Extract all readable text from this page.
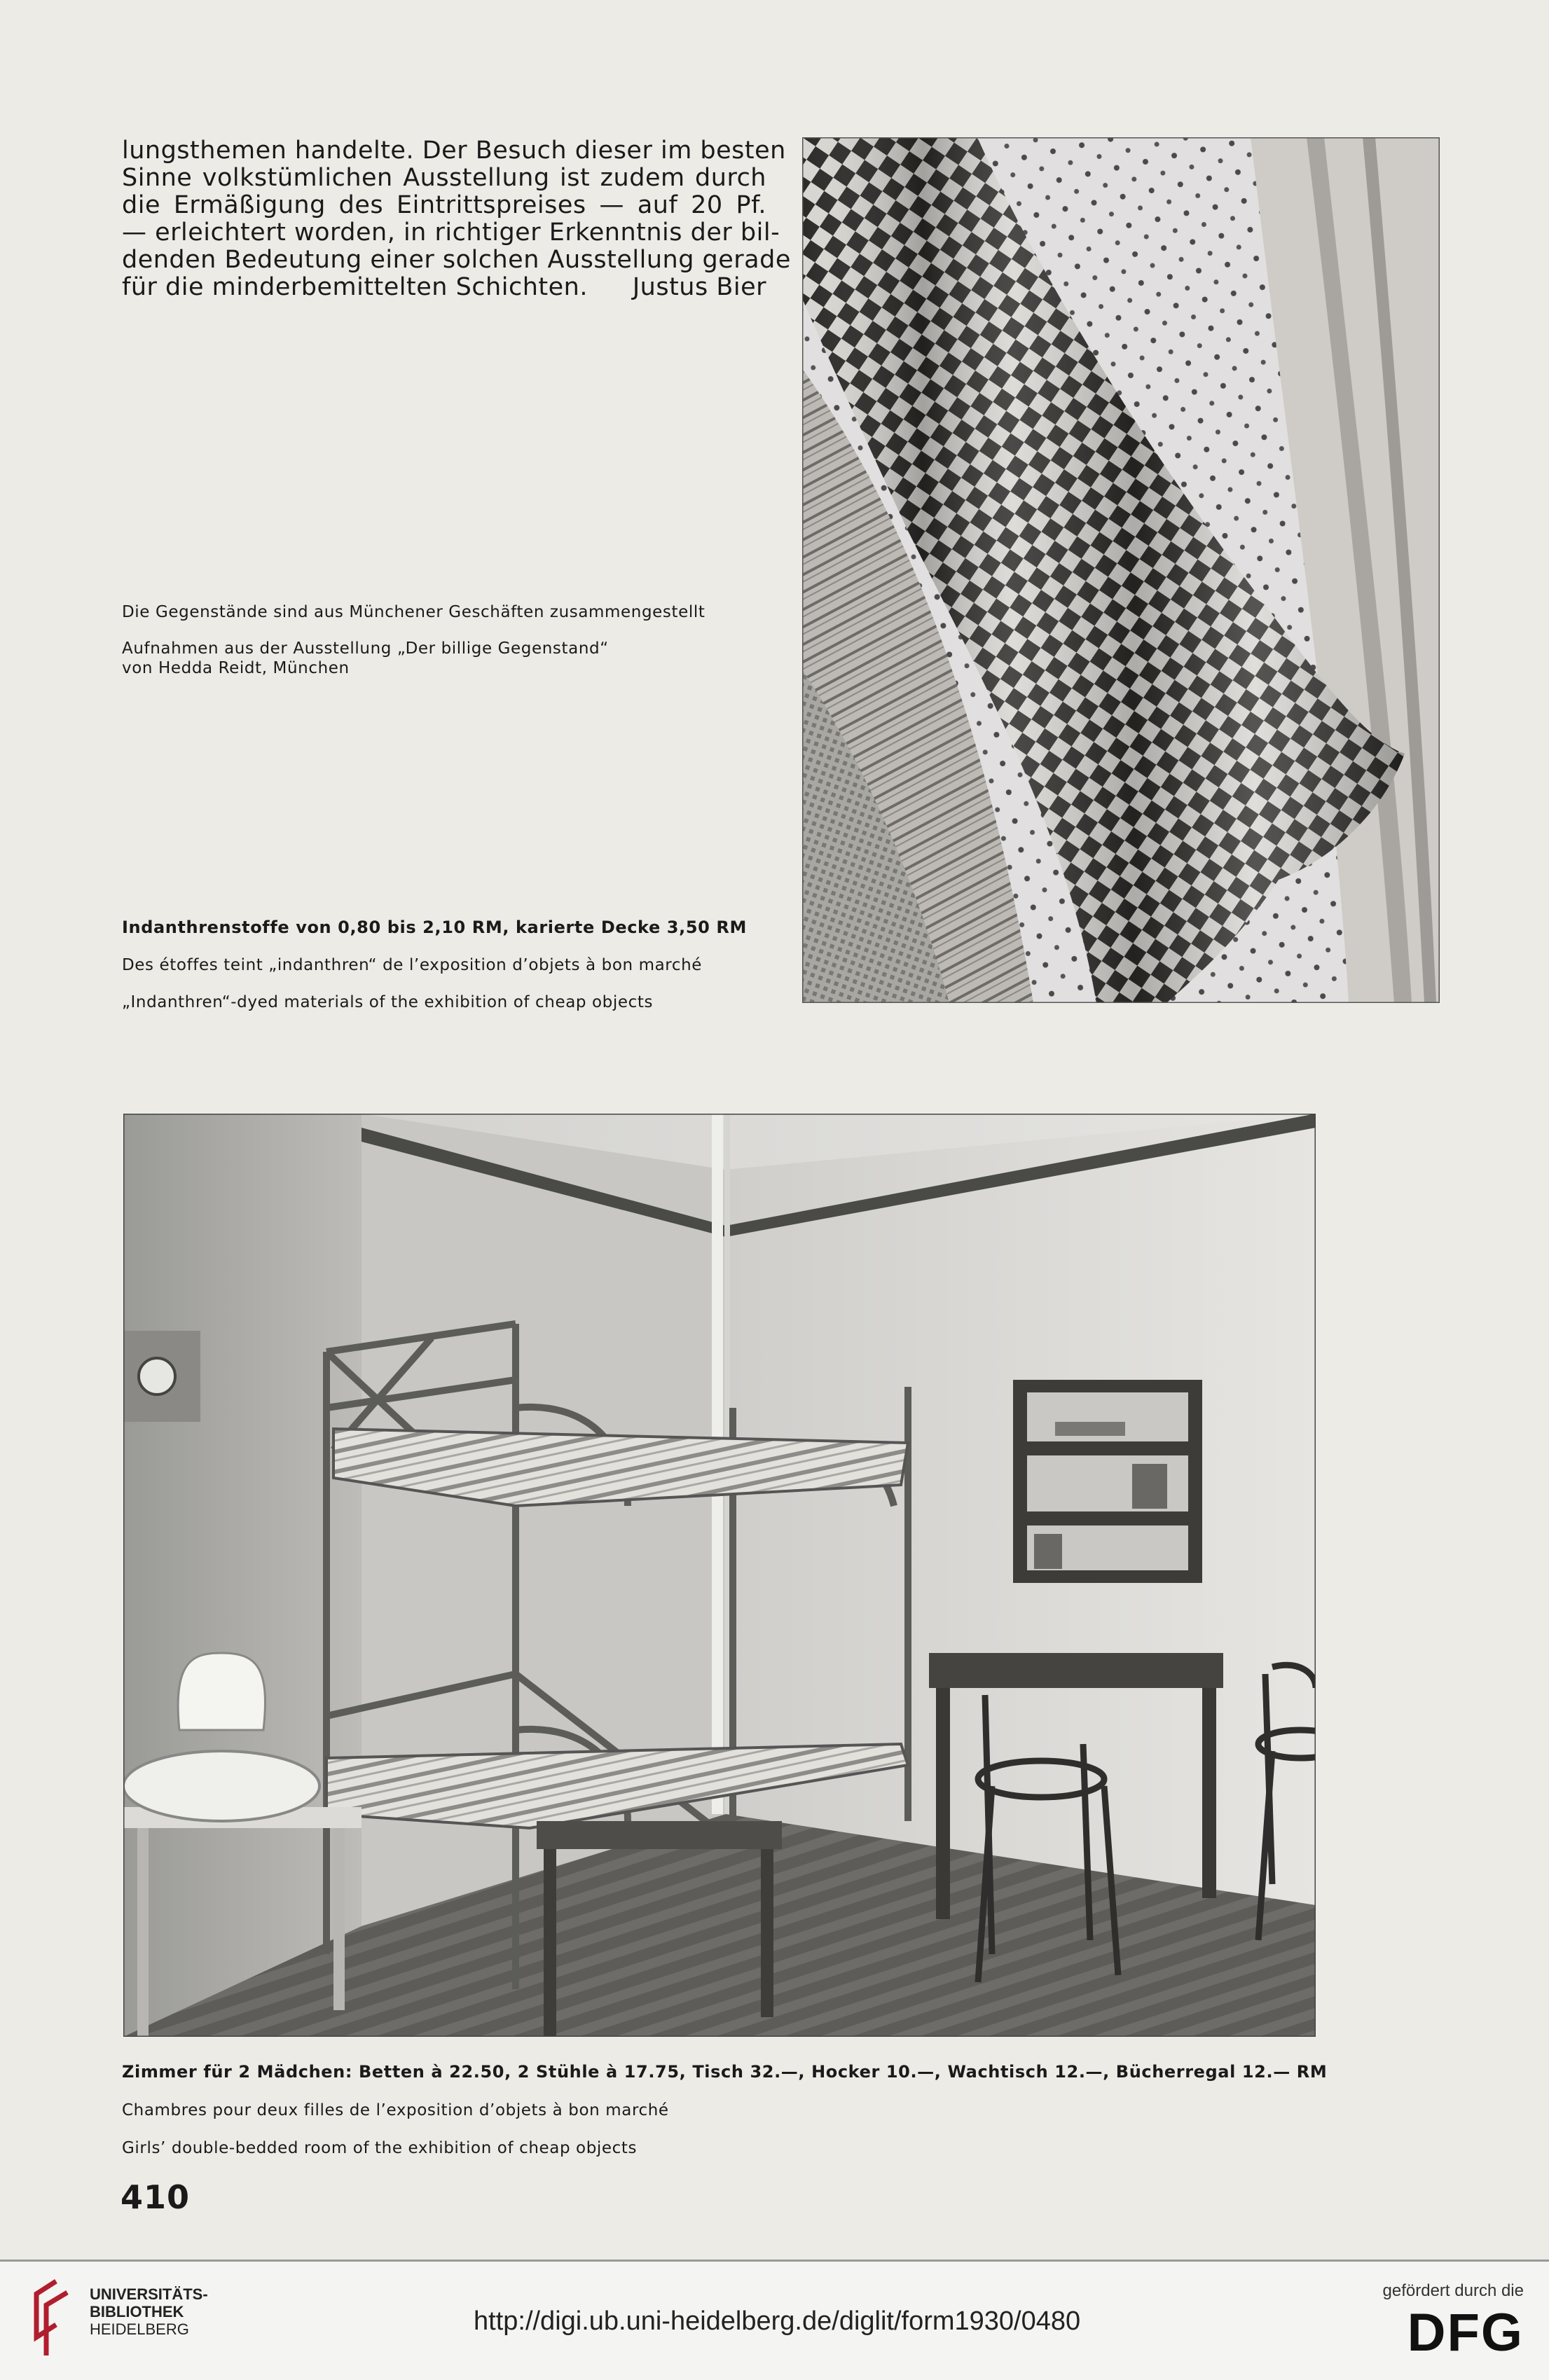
lungsthemen handelte. Der Besuch dieser im besten
Sinne volkstümlichen Ausstellung ist zudem durch
die Ermäßigung des Eintrittspreises — auf 20 Pf.
— erleichtert worden, in richtiger Erkenntnis der bil-
denden Bedeutung einer solchen Ausstellung gerade
für die minderbemittelten Schichten. Justus Bier
Die Gegenstände sind aus Münchener Geschäften zusammengestellt
Aufnahmen aus der Ausstellung „Der billige Gegenstand“
von Hedda Reidt, München
Indanthrenstoffe von 0,80 bis 2,10 RM, karierte Decke 3,50 RM
Des étoffes teint „indanthren“ de l’exposition d’objets à bon marché
„Indanthren“-dyed materials of the exhibition of cheap objects
Zimmer für 2 Mädchen: Betten à 22.50, 2 Stühle à 17.75, Tisch 32.—, Hocker 10.—, Wachtisch 12.—, Bücherregal 12.— RM
Chambres pour deux filles de l’exposition d’objets à bon marché
Girls’ double-bedded room of the exhibition of cheap objects
410
UNIVERSITÄTS-
BIBLIOTHEK
HEIDELBERG	http://digi.ub.uni-heidelberg.de/diglit/form1930/0480
gefördert durch die
DFG
